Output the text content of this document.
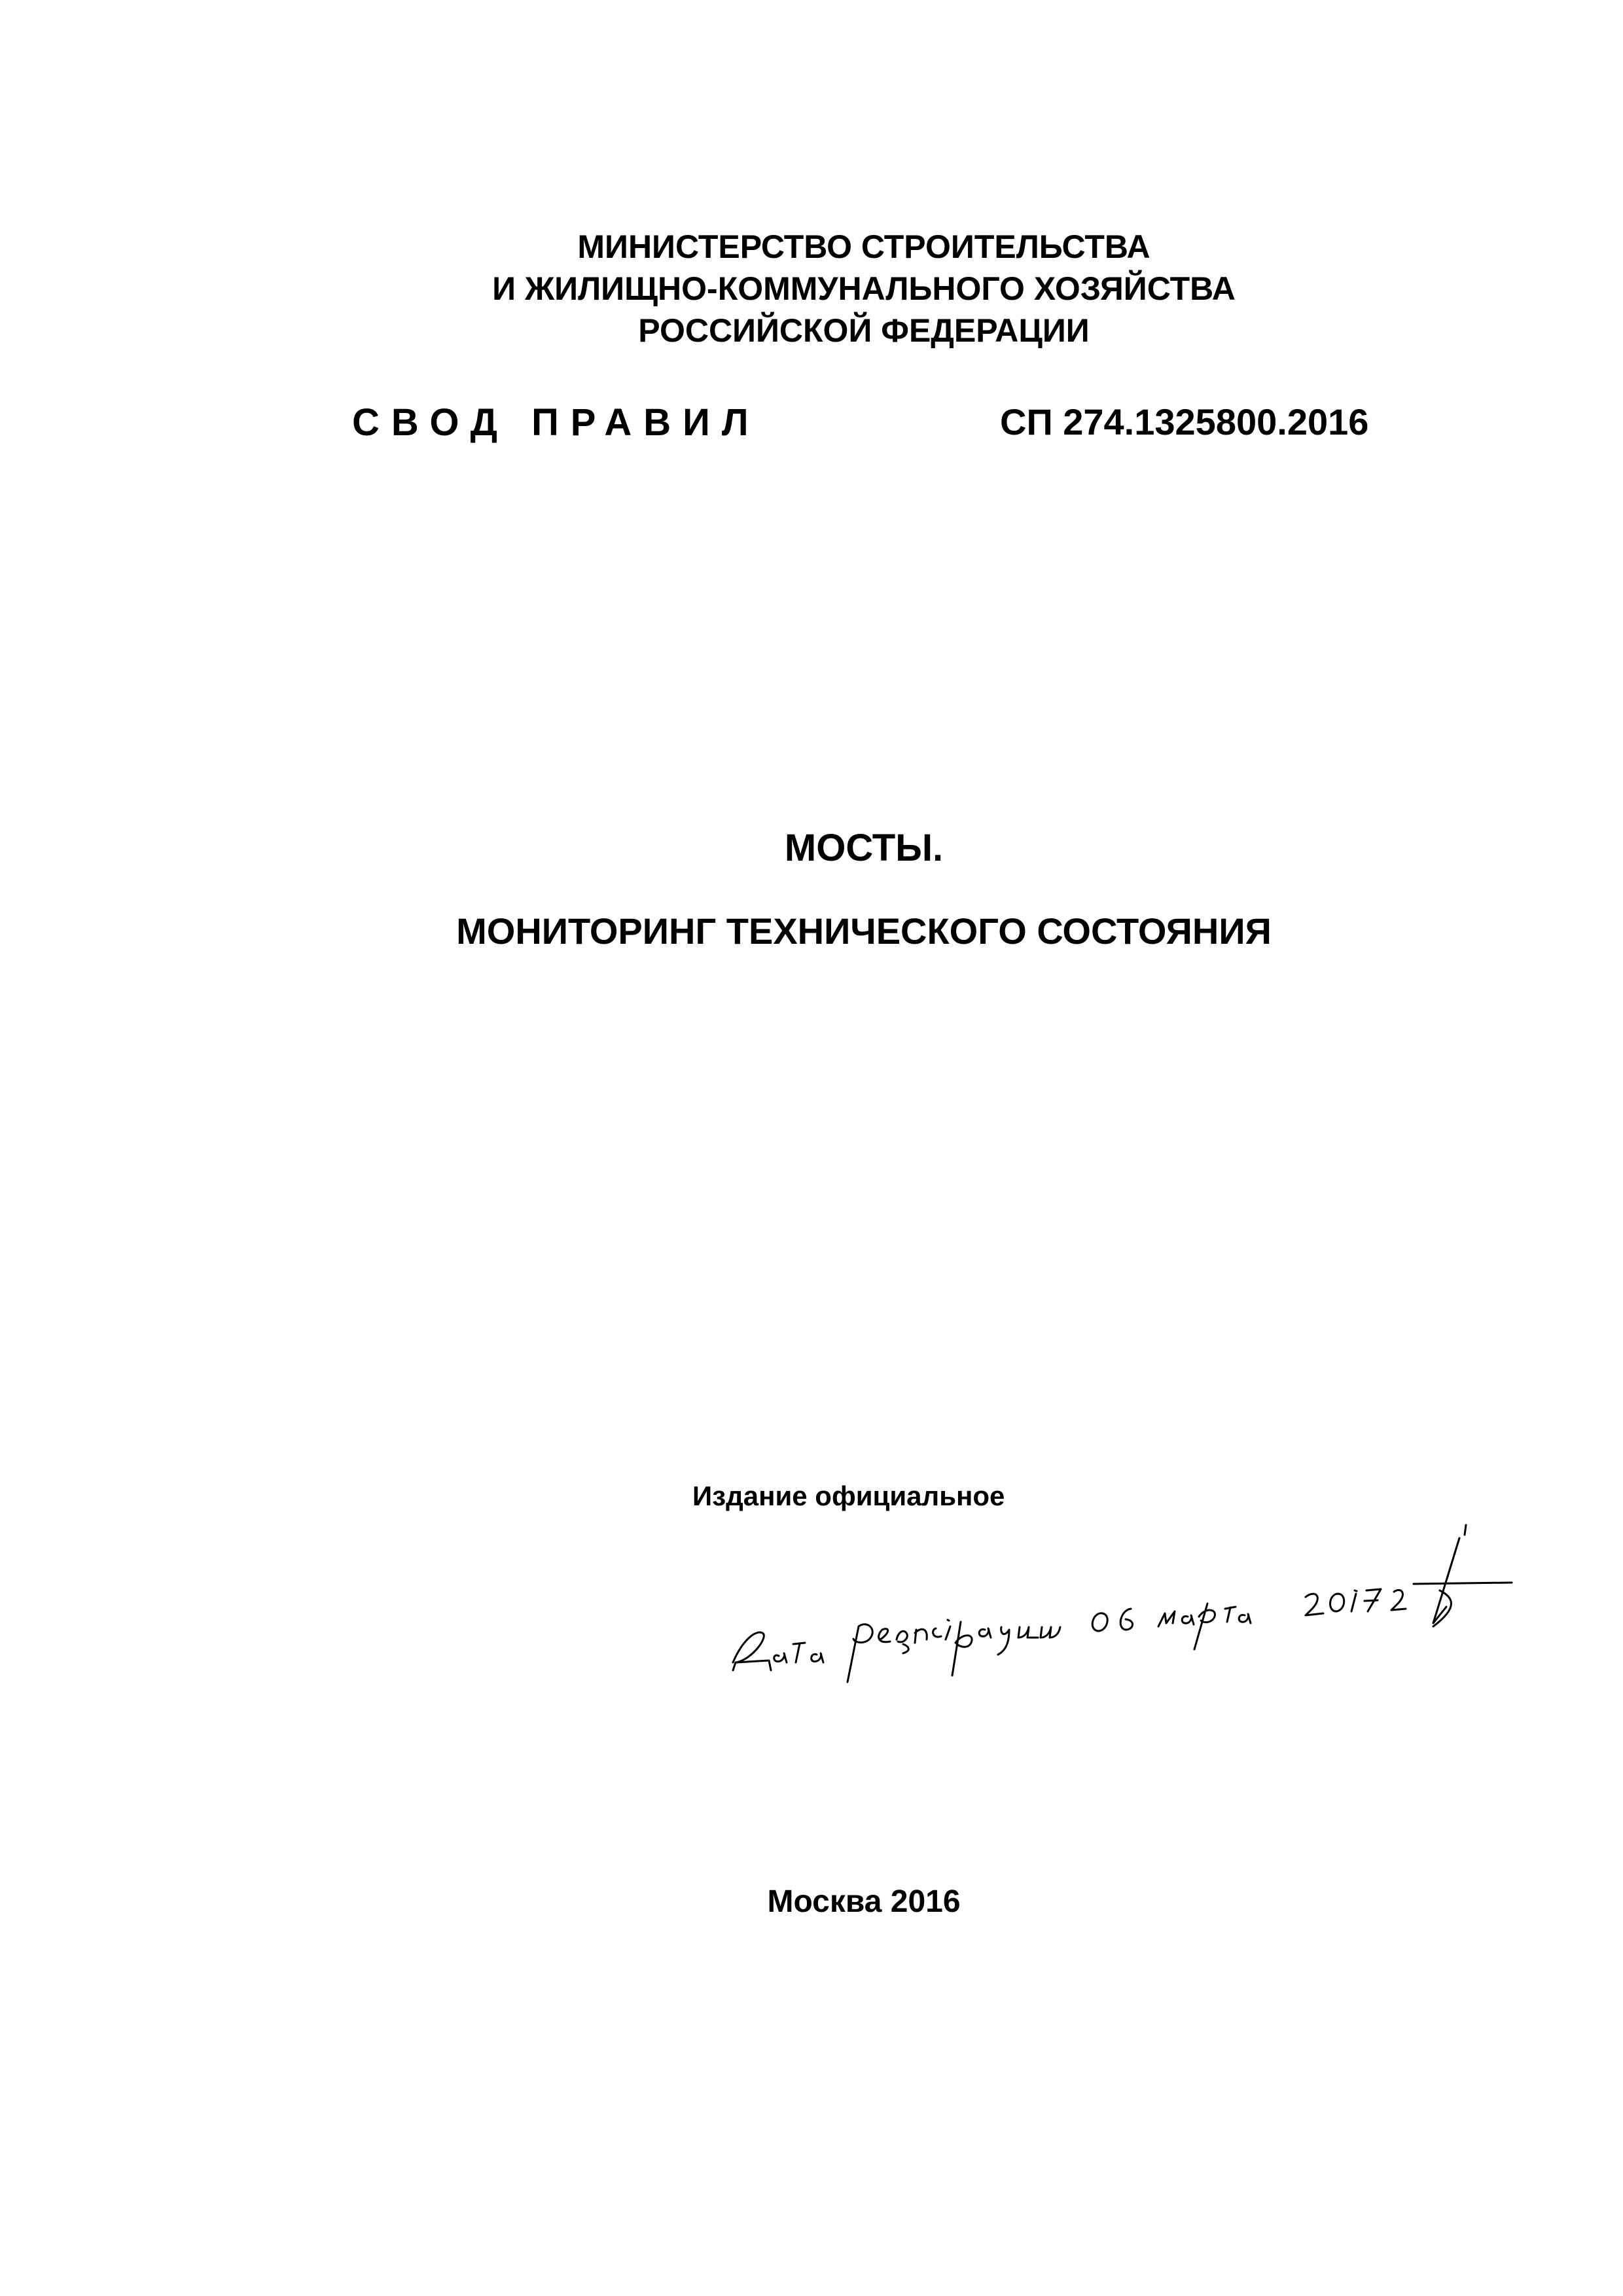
МИНИСТЕРСТВО СТРОИТЕЛЬСТВА
И ЖИЛИЩНО-КОММУНАЛЬНОГО ХОЗЯЙСТВА
РОССИЙСКОЙ ФЕДЕРАЦИИ
СВОД ПРАВИЛ	СП 274.1325800.2016
МОСТЫ.
МОНИТОРИНГ ТЕХНИЧЕСКОГО СОСТОЯНИЯ
Издание официальное
Москва 2016
